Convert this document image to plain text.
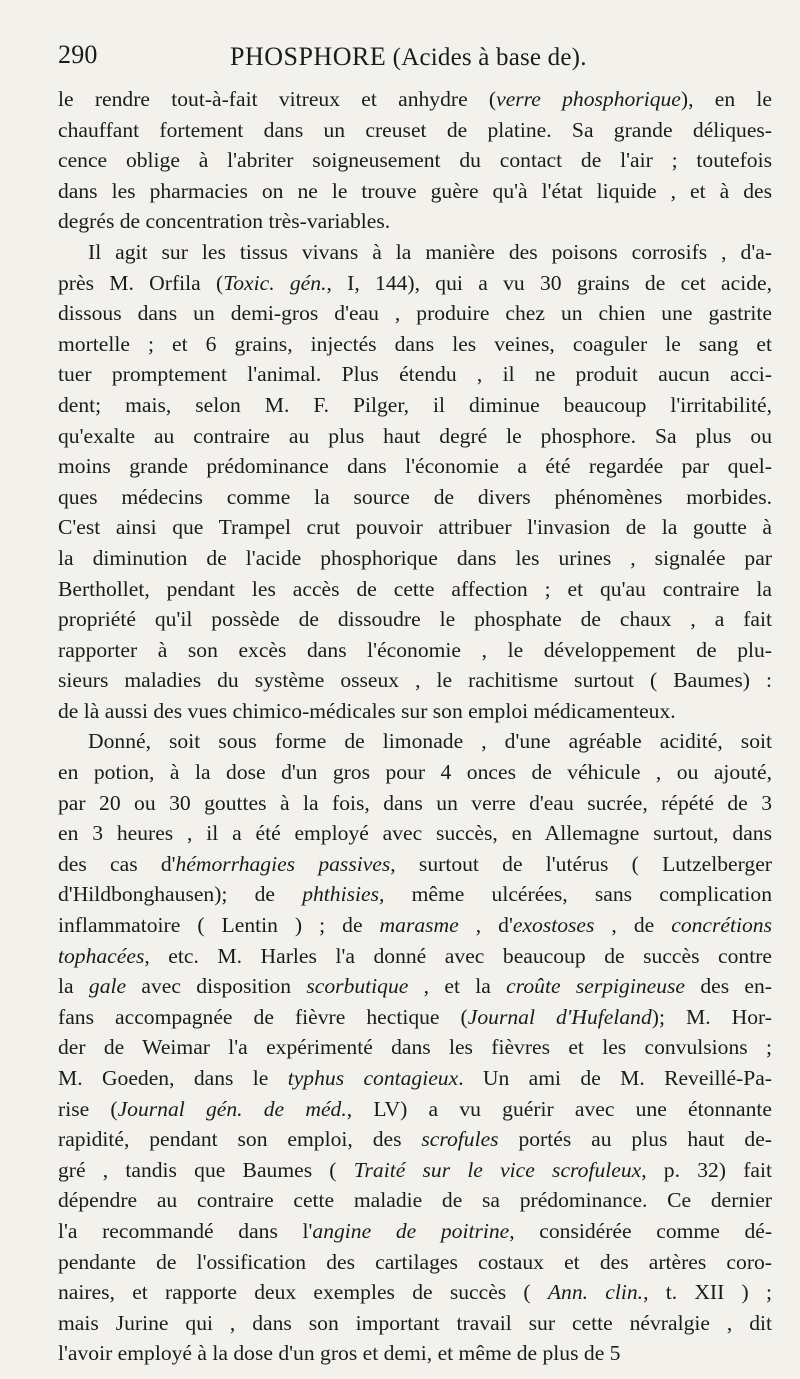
290	PHOSPHORE (Acides à base de).

le rendre tout-à-fait vitreux et anhydre (verre phosphorique), en le
chauffant fortement dans un creuset de platine. Sa grande déliques-
cence oblige à l'abriter soigneusement du contact de l'air ; toutefois
dans les pharmacies on ne le trouve guère qu'à l'état liquide , et à des
degrés de concentration très-variables.

Il agit sur les tissus vivans à la manière des poisons corrosifs , d'a-
près M. Orfila (Toxic. gén., I, 144), qui a vu 30 grains de cet acide,
dissous dans un demi-gros d'eau , produire chez un chien une gastrite
mortelle ; et 6 grains, injectés dans les veines, coaguler le sang et
tuer promptement l'animal. Plus étendu , il ne produit aucun acci-
dent; mais, selon M. F. Pilger, il diminue beaucoup l'irritabilité,
qu'exalte au contraire au plus haut degré le phosphore. Sa plus ou
moins grande prédominance dans l'économie a été regardée par quel-
ques médecins comme la source de divers phénomènes morbides.
C'est ainsi que Trampel crut pouvoir attribuer l'invasion de la goutte à
la diminution de l'acide phosphorique dans les urines , signalée par
Berthollet, pendant les accès de cette affection ; et qu'au contraire la
propriété qu'il possède de dissoudre le phosphate de chaux , a fait
rapporter à son excès dans l'économie , le développement de plu-
sieurs maladies du système osseux , le rachitisme surtout ( Baumes) :
de là aussi des vues chimico-médicales sur son emploi médicamenteux.

Donné, soit sous forme de limonade , d'une agréable acidité, soit
en potion, à la dose d'un gros pour 4 onces de véhicule , ou ajouté,
par 20 ou 30 gouttes à la fois, dans un verre d'eau sucrée, répété de 3
en 3 heures , il a été employé avec succès, en Allemagne surtout, dans
des cas d'hémorrhagies passives, surtout de l'utérus ( Lutzelberger
d'Hildbonghausen); de phthisies, même ulcérées, sans complication
inflammatoire ( Lentin ) ; de marasme , d'exostoses , de concrétions
tophacées, etc. M. Harles l'a donné avec beaucoup de succès contre
la gale avec disposition scorbutique , et la croûte serpigineuse des en-
fans accompagnée de fièvre hectique (Journal d'Hufeland); M. Hor-
der de Weimar l'a expérimenté dans les fièvres et les convulsions ;
M. Goeden, dans le typhus contagieux. Un ami de M. Reveillé-Pa-
rise (Journal gén. de méd., LV) a vu guérir avec une étonnante
rapidité, pendant son emploi, des scrofules portés au plus haut de-
gré , tandis que Baumes ( Traité sur le vice scrofuleux, p. 32) fait
dépendre au contraire cette maladie de sa prédominance. Ce dernier
l'a recommandé dans l'angine de poitrine, considérée comme dé-
pendante de l'ossification des cartilages costaux et des artères coro-
naires, et rapporte deux exemples de succès ( Ann. clin., t. XII ) ;
mais Jurine qui , dans son important travail sur cette névralgie , dit
l'avoir employé à la dose d'un gros et demi, et même de plus de 5
